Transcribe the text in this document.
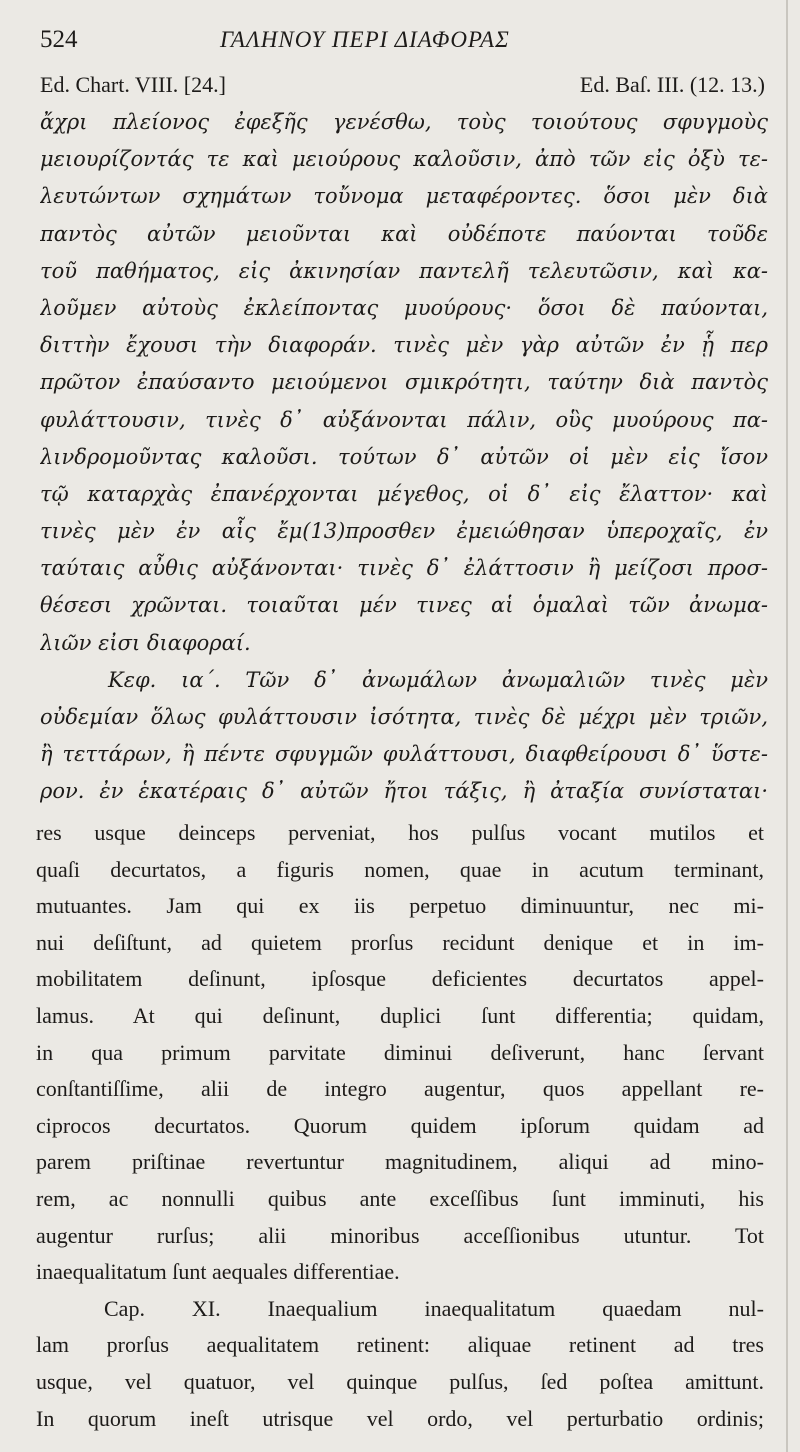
524	ΓΑΛΗΝΟΥ ΠΕΡΙ ΔΙΑΦΟΡΑΣ
Ed. Chart. VIII. [24.]	Ed. Baſ. III. (12. 13.)
ἄχρι πλείονος ἐφεξῆς γενέσθω, τοὺς τοιούτους σφυγμοὺς
μειουρίζοντάς τε καὶ μειούρους καλοῦσιν, ἀπὸ τῶν εἰς ὀξὺ τε-
λευτώντων σχημάτων τοὔνομα μεταφέροντες. ὅσοι μὲν διὰ
παντὸς αὐτῶν μειοῦνται καὶ οὐδέποτε παύονται τοῦδε
τοῦ παθήματος, εἰς ἀκινησίαν παντελῆ τελευτῶσιν, καὶ κα-
λοῦμεν αὐτοὺς ἐκλείποντας μυούρους· ὅσοι δὲ παύονται,
διττὴν ἔχουσι τὴν διαφοράν. τινὲς μὲν γὰρ αὐτῶν ἐν ᾗ περ
πρῶτον ἐπαύσαντο μειούμενοι σμικρότητι, ταύτην διὰ παντὸς
φυλάττουσιν, τινὲς δ᾽ αὐξάνονται πάλιν, οὓς μυούρους πα-
λινδρομοῦντας καλοῦσι. τούτων δ᾽ αὐτῶν οἱ μὲν εἰς ἴσον
τῷ καταρχὰς ἐπανέρχονται μέγεθος, οἱ δ᾽ εἰς ἔλαττον· καὶ
τινὲς μὲν ἐν αἷς ἔμ(13)προσθεν ἐμειώθησαν ὑπεροχαῖς, ἐν
ταύταις αὖθις αὐξάνονται· τινὲς δ᾽ ἐλάττοσιν ἢ μείζοσι προσ-
θέσεσι χρῶνται. τοιαῦται μέν τινες αἱ ὁμαλαὶ τῶν ἀνωμα-
λιῶν εἰσι διαφοραί.
Κεφ. ια΄. Τῶν δ᾽ ἀνωμάλων ἀνωμαλιῶν τινὲς μὲν
οὐδεμίαν ὅλως φυλάττουσιν ἰσότητα, τινὲς δὲ μέχρι μὲν τριῶν,
ἢ τεττάρων, ἢ πέντε σφυγμῶν φυλάττουσι, διαφθείρουσι δ᾽ ὕστε-
ρον. ἐν ἑκατέραις δ᾽ αὐτῶν ἤτοι τάξις, ἢ ἀταξία συνίσταται·
res usque deinceps perveniat, hos pulſus vocant mutilos et
quaſi decurtatos, a figuris nomen, quae in acutum terminant,
mutuantes. Jam qui ex iis perpetuo diminuuntur, nec mi-
nui deſiſtunt, ad quietem prorſus recidunt denique et in im-
mobilitatem deſinunt, ipſosque deficientes decurtatos appel-
lamus. At qui deſinunt, duplici ſunt differentia; quidam,
in qua primum parvitate diminui deſiverunt, hanc ſervant
conſtantiſſime, alii de integro augentur, quos appellant re-
ciprocos decurtatos. Quorum quidem ipſorum quidam ad
parem priſtinae revertuntur magnitudinem, aliqui ad mino-
rem, ac nonnulli quibus ante exceſſibus ſunt imminuti, his
augentur rurſus; alii minoribus acceſſionibus utuntur. Tot
inaequalitatum ſunt aequales differentiae.
Cap. XI. Inaequalium inaequalitatum quaedam nul-
lam prorſus aequalitatem retinent: aliquae retinent ad tres
usque, vel quatuor, vel quinque pulſus, ſed poſtea amittunt.
In quorum ineſt utrisque vel ordo, vel perturbatio ordinis;
